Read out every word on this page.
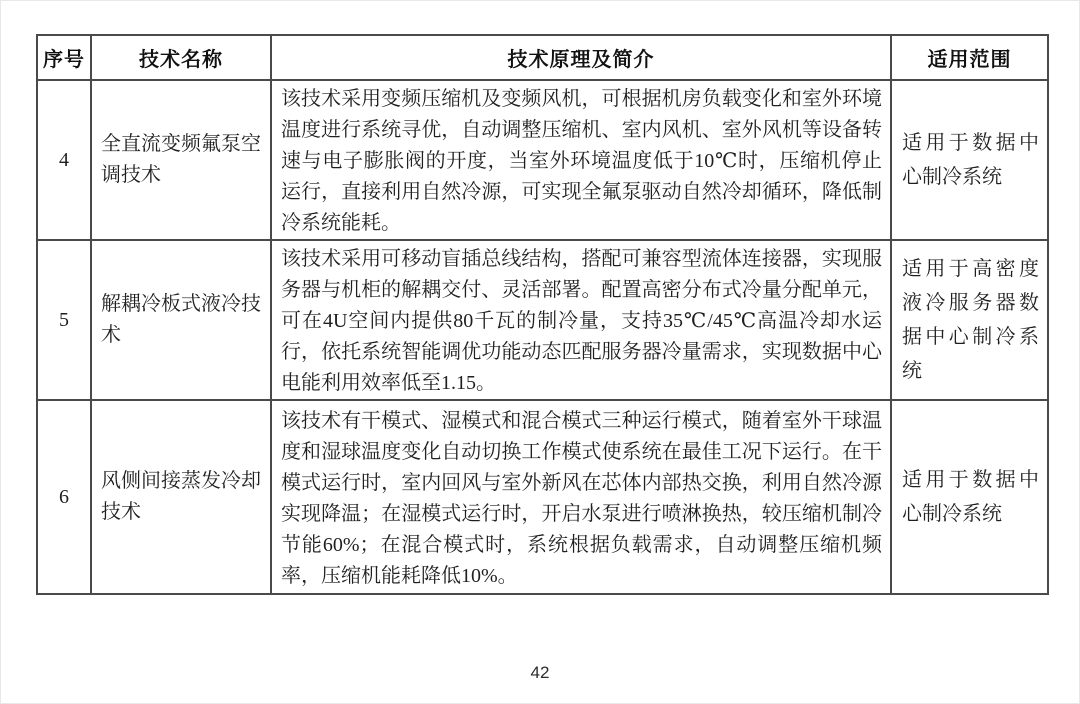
序号	技术名称	技术原理及简介	适用范围
4	全直流变频氟泵空调技术	该技术采用变频压缩机及变频风机，可根据机房负载变化和室外环境温度进行系统寻优，自动调整压缩机、室内风机、室外风机等设备转速与电子膨胀阀的开度，当室外环境温度低于10℃时，压缩机停止运行，直接利用自然冷源，可实现全氟泵驱动自然冷却循环，降低制冷系统能耗。	适用于数据中心制冷系统
5	解耦冷板式液冷技术	该技术采用可移动盲插总线结构，搭配可兼容型流体连接器，实现服务器与机柜的解耦交付、灵活部署。配置高密分布式冷量分配单元，可在4U空间内提供80千瓦的制冷量，支持35℃/45℃高温冷却水运行，依托系统智能调优功能动态匹配服务器冷量需求，实现数据中心电能利用效率低至1.15。	适用于高密度液冷服务器数据中心制冷系统
6	风侧间接蒸发冷却技术	该技术有干模式、湿模式和混合模式三种运行模式，随着室外干球温度和湿球温度变化自动切换工作模式使系统在最佳工况下运行。在干模式运行时，室内回风与室外新风在芯体内部热交换，利用自然冷源实现降温；在湿模式运行时，开启水泵进行喷淋换热，较压缩机制冷节能60%；在混合模式时，系统根据负载需求，自动调整压缩机频率，压缩机能耗降低10%。	适用于数据中心制冷系统
42
